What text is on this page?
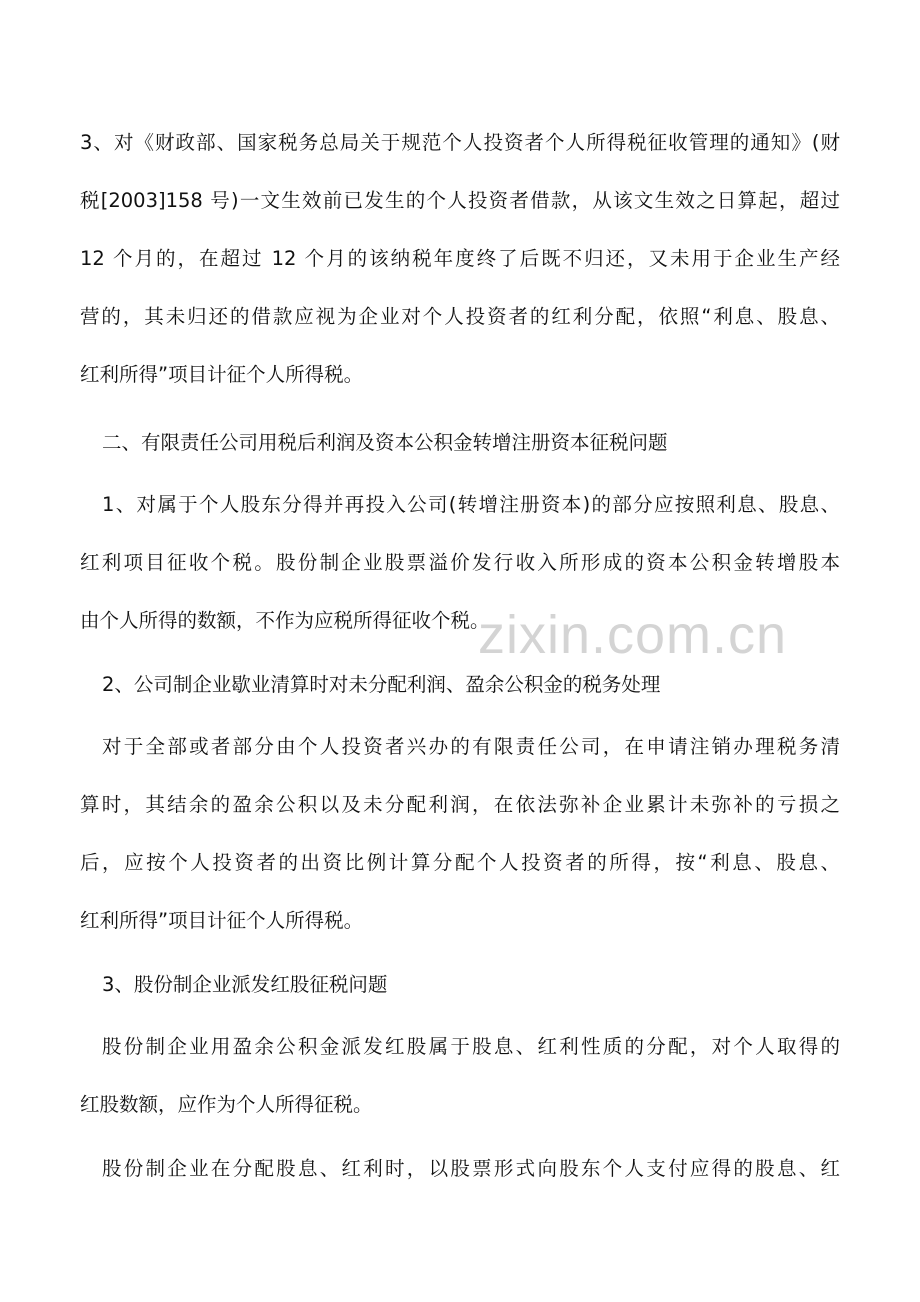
zixin.com.cn
3、对《财政部、国家税务总局关于规范个人投资者个人所得税征收管理的通知》(财
税[2003]158 号)一文生效前已发生的个人投资者借款，从该文生效之日算起，超过
12 个月的，在超过 12 个月的该纳税年度终了后既不归还，又未用于企业生产经
营的，其未归还的借款应视为企业对个人投资者的红利分配，依照“利息、股息、
红利所得”项目计征个人所得税。
二、有限责任公司用税后利润及资本公积金转增注册资本征税问题
1、对属于个人股东分得并再投入公司(转增注册资本)的部分应按照利息、股息、
红利项目征收个税。股份制企业股票溢价发行收入所形成的资本公积金转增股本
由个人所得的数额，不作为应税所得征收个税。
2、公司制企业歇业清算时对未分配利润、盈余公积金的税务处理
对于全部或者部分由个人投资者兴办的有限责任公司，在申请注销办理税务清
算时，其结余的盈余公积以及未分配利润，在依法弥补企业累计未弥补的亏损之
后，应按个人投资者的出资比例计算分配个人投资者的所得，按“利息、股息、
红利所得”项目计征个人所得税。
3、股份制企业派发红股征税问题
股份制企业用盈余公积金派发红股属于股息、红利性质的分配，对个人取得的
红股数额，应作为个人所得征税。
股份制企业在分配股息、红利时，以股票形式向股东个人支付应得的股息、红
